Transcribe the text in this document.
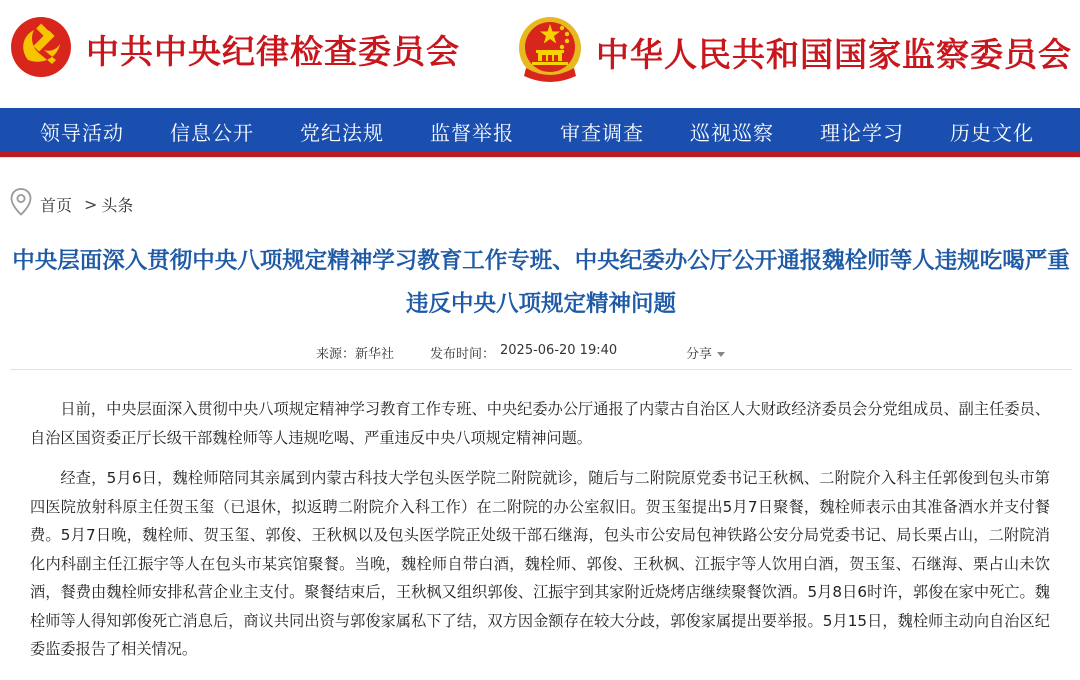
中共中央纪律检查委员会	中华人民共和国国家监察委员会
领导活动 信息公开 党纪法规 监督举报 审查调查 巡视巡察 理论学习 历史文化
首页 > 头条
中央层面深入贯彻中央八项规定精神学习教育工作专班、中央纪委办公厅公开通报魏栓师等人违规吃喝严重违反中央八项规定精神问题
来源：新华社	发布时间： 2025-06-20 19:40	分享

日前，中央层面深入贯彻中央八项规定精神学习教育工作专班、中央纪委办公厅通报了内蒙古自治区人大财政经济委员会分党组成员、副主任委员、自治区国资委正厅长级干部魏栓师等人违规吃喝、严重违反中央八项规定精神问题。

经查，5月6日，魏栓师陪同其亲属到内蒙古科技大学包头医学院二附院就诊，随后与二附院原党委书记王秋枫、二附院介入科主任郭俊到包头市第四医院放射科原主任贺玉玺（已退休，拟返聘二附院介入科工作）在二附院的办公室叙旧。贺玉玺提出5月7日聚餐，魏栓师表示由其准备酒水并支付餐费。5月7日晚，魏栓师、贺玉玺、郭俊、王秋枫以及包头医学院正处级干部石继海，包头市公安局包神铁路公安分局党委书记、局长栗占山，二附院消化内科副主任江振宇等人在包头市某宾馆聚餐。当晚，魏栓师自带白酒，魏栓师、郭俊、王秋枫、江振宇等人饮用白酒，贺玉玺、石继海、栗占山未饮酒，餐费由魏栓师安排私营企业主支付。聚餐结束后，王秋枫又组织郭俊、江振宇到其家附近烧烤店继续聚餐饮酒。5月8日6时许，郭俊在家中死亡。魏栓师等人得知郭俊死亡消息后，商议共同出资与郭俊家属私下了结，双方因金额存在较大分歧，郭俊家属提出要举报。5月15日，魏栓师主动向自治区纪委监委报告了相关情况。
